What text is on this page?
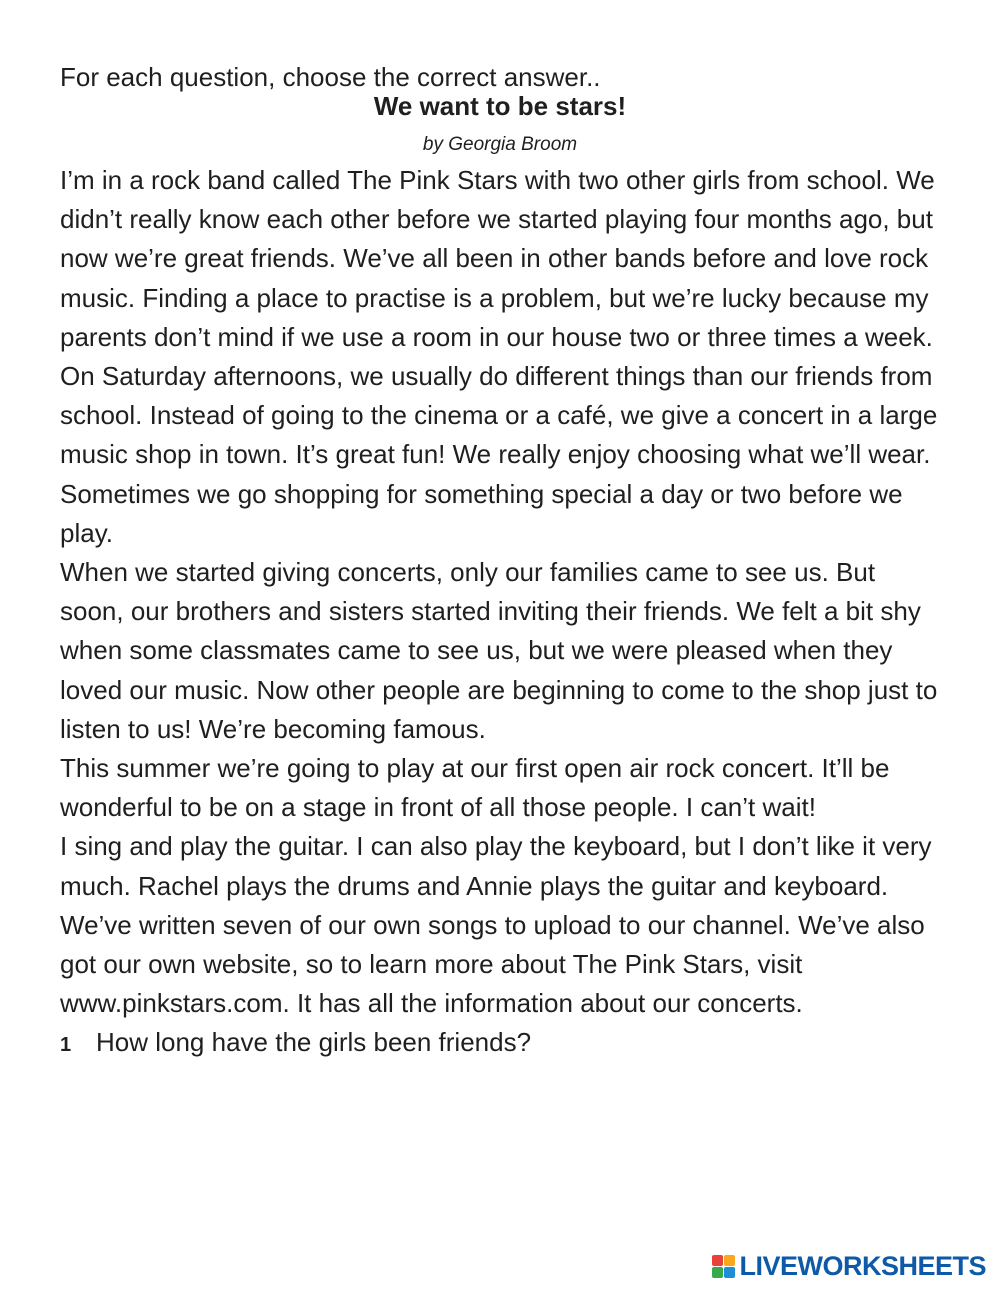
For each question, choose the correct answer..

We want to be stars!

by Georgia Broom

I’m in a rock band called The Pink Stars with two other girls from school. We didn’t really know each other before we started playing four months ago, but now we’re great friends. We’ve all been in other bands before and love rock music. Finding a place to practise is a problem, but we’re lucky because my parents don’t mind if we use a room in our house two or three times a week.

On Saturday afternoons, we usually do different things than our friends from school. Instead of going to the cinema or a café, we give a concert in a large music shop in town. It’s great fun! We really enjoy choosing what we’ll wear. Sometimes we go shopping for something special a day or two before we play.

When we started giving concerts, only our families came to see us. But soon, our brothers and sisters started inviting their friends. We felt a bit shy when some classmates came to see us, but we were pleased when they loved our music. Now other people are beginning to come to the shop just to listen to us! We’re becoming famous.

This summer we’re going to play at our first open air rock concert. It’ll be wonderful to be on a stage in front of all those people. I can’t wait!

I sing and play the guitar. I can also play the keyboard, but I don’t like it very much. Rachel plays the drums and Annie plays the guitar and keyboard. We’ve written seven of our own songs to upload to our channel. We’ve also got our own website, so to learn more about The Pink Stars, visit www.pinkstars.com. It has all the information about our concerts.

1 How long have the girls been friends?
LIVEWORKSHEETS
